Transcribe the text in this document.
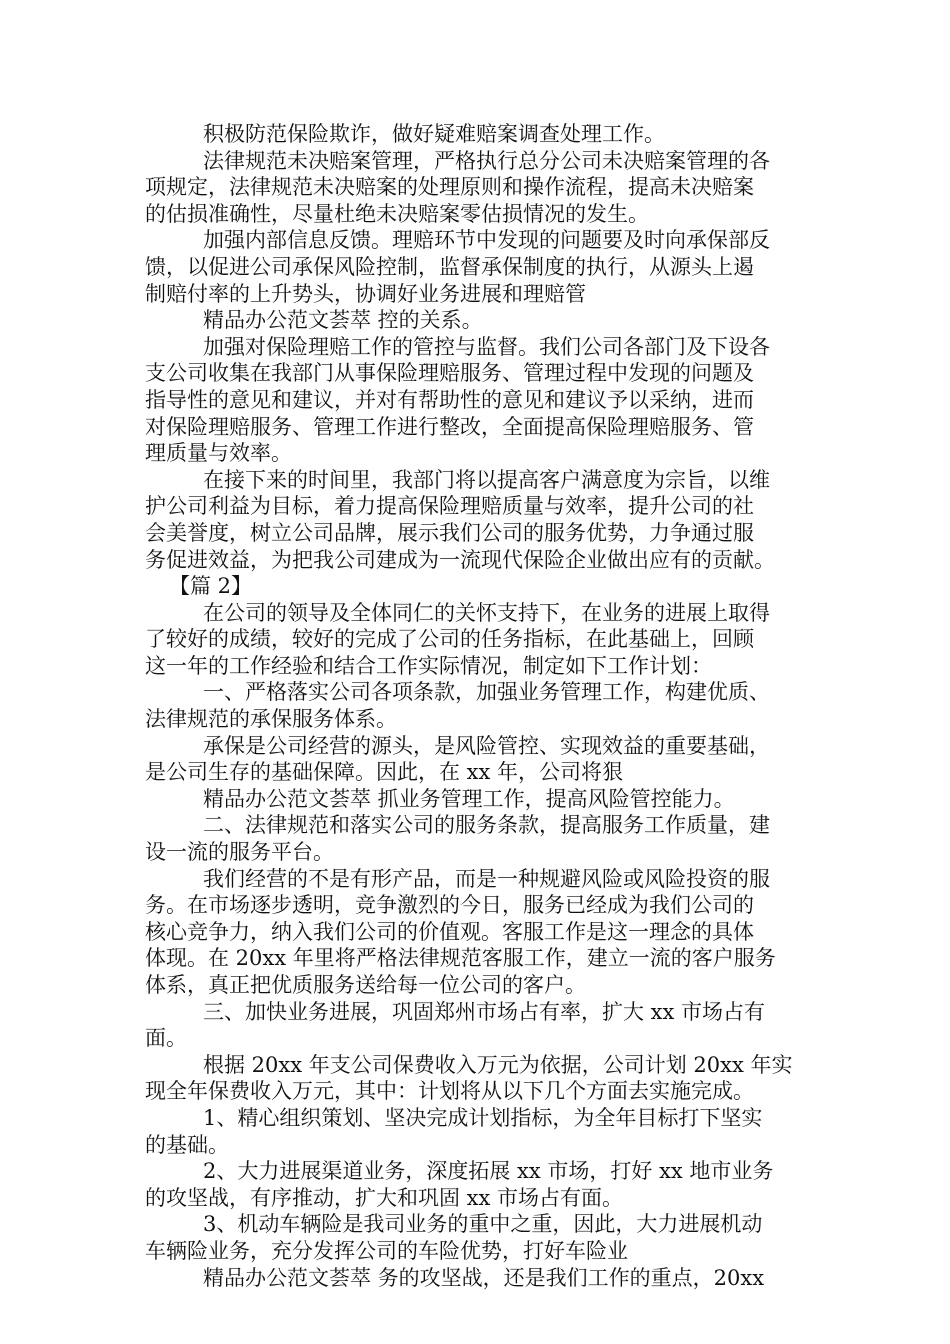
积极防范保险欺诈，做好疑难赔案调查处理工作。
法律规范未决赔案管理，严格执行总分公司未决赔案管理的各
项规定，法律规范未决赔案的处理原则和操作流程，提高未决赔案
的估损准确性，尽量杜绝未决赔案零估损情况的发生。
加强内部信息反馈。理赔环节中发现的问题要及时向承保部反
馈，以促进公司承保风险控制，监督承保制度的执行，从源头上遏
制赔付率的上升势头，协调好业务进展和理赔管
精品办公范文荟萃 控的关系。
加强对保险理赔工作的管控与监督。我们公司各部门及下设各
支公司收集在我部门从事保险理赔服务、管理过程中发现的问题及
指导性的意见和建议，并对有帮助性的意见和建议予以采纳，进而
对保险理赔服务、管理工作进行整改，全面提高保险理赔服务、管
理质量与效率。
在接下来的时间里，我部门将以提高客户满意度为宗旨，以维
护公司利益为目标，着力提高保险理赔质量与效率，提升公司的社
会美誉度，树立公司品牌，展示我们公司的服务优势，力争通过服
务促进效益，为把我公司建成为一流现代保险企业做出应有的贡献。
【篇 2】
在公司的领导及全体同仁的关怀支持下，在业务的进展上取得
了较好的成绩，较好的完成了公司的任务指标，在此基础上，回顾
这一年的工作经验和结合工作实际情况，制定如下工作计划：
一、严格落实公司各项条款，加强业务管理工作，构建优质、
法律规范的承保服务体系。
承保是公司经营的源头，是风险管控、实现效益的重要基础，
是公司生存的基础保障。因此，在 xx 年，公司将狠
精品办公范文荟萃 抓业务管理工作，提高风险管控能力。
二、法律规范和落实公司的服务条款，提高服务工作质量，建
设一流的服务平台。
我们经营的不是有形产品，而是一种规避风险或风险投资的服
务。在市场逐步透明，竞争激烈的今日，服务已经成为我们公司的
核心竞争力，纳入我们公司的价值观。客服工作是这一理念的具体
体现。在 20xx 年里将严格法律规范客服工作，建立一流的客户服务
体系，真正把优质服务送给每一位公司的客户。
三、加快业务进展，巩固郑州市场占有率，扩大 xx 市场占有
面。
根据 20xx 年支公司保费收入万元为依据，公司计划 20xx 年实
现全年保费收入万元，其中：计划将从以下几个方面去实施完成。
1、精心组织策划、坚决完成计划指标，为全年目标打下坚实
的基础。
2、大力进展渠道业务，深度拓展 xx 市场，打好 xx 地市业务
的攻坚战，有序推动，扩大和巩固 xx 市场占有面。
3、机动车辆险是我司业务的重中之重，因此，大力进展机动
车辆险业务，充分发挥公司的车险优势，打好车险业
精品办公范文荟萃 务的攻坚战，还是我们工作的重点，20xx
